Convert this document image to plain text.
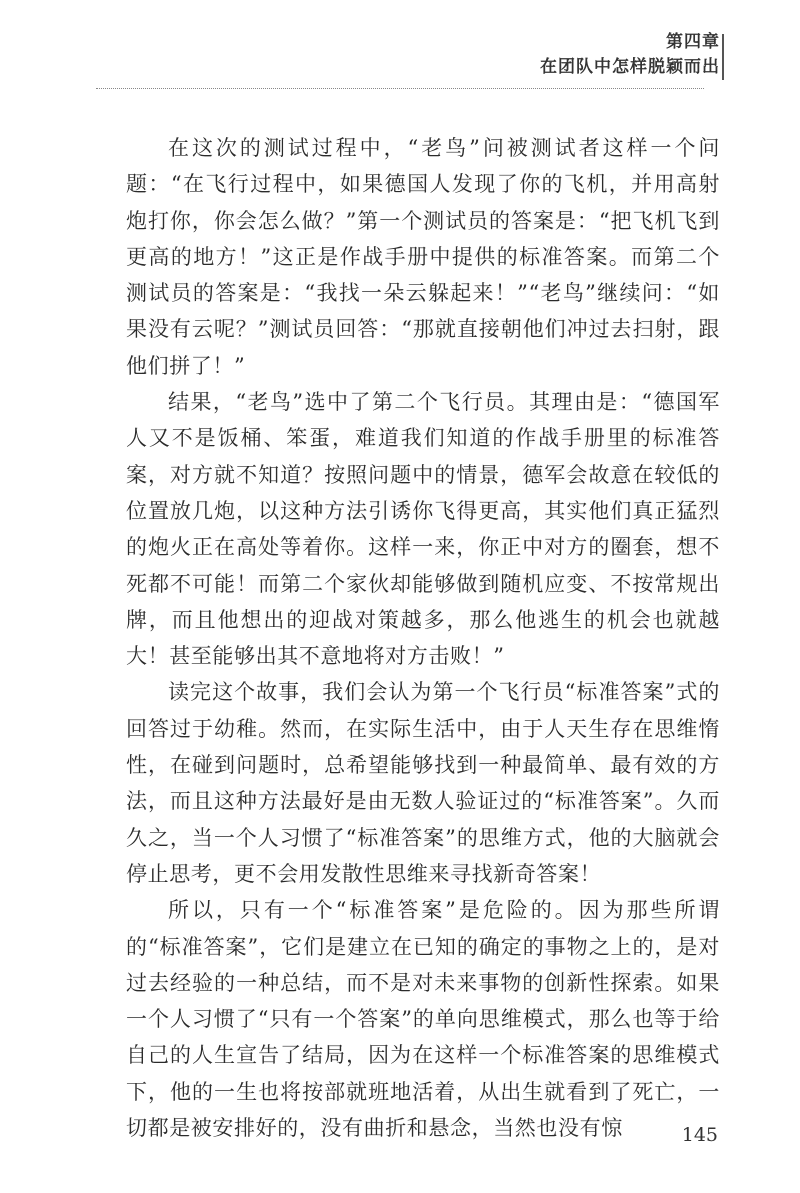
第四章
在团队中怎样脱颖而出

在这次的测试过程中，“老鸟”问被测试者这样一个问题：“在飞行过程中，如果德国人发现了你的飞机，并用高射炮打你，你会怎么做？”第一个测试员的答案是：“把飞机飞到更高的地方！”这正是作战手册中提供的标准答案。而第二个测试员的答案是：“我找一朵云躲起来！”“老鸟”继续问：“如果没有云呢？”测试员回答：“那就直接朝他们冲过去扫射，跟他们拼了！”

结果，“老鸟”选中了第二个飞行员。其理由是：“德国军人又不是饭桶、笨蛋，难道我们知道的作战手册里的标准答案，对方就不知道？按照问题中的情景，德军会故意在较低的位置放几炮，以这种方法引诱你飞得更高，其实他们真正猛烈的炮火正在高处等着你。这样一来，你正中对方的圈套，想不死都不可能！而第二个家伙却能够做到随机应变、不按常规出牌，而且他想出的迎战对策越多，那么他逃生的机会也就越大！甚至能够出其不意地将对方击败！”

读完这个故事，我们会认为第一个飞行员“标准答案”式的回答过于幼稚。然而，在实际生活中，由于人天生存在思维惰性，在碰到问题时，总希望能够找到一种最简单、最有效的方法，而且这种方法最好是由无数人验证过的“标准答案”。久而久之，当一个人习惯了“标准答案”的思维方式，他的大脑就会停止思考，更不会用发散性思维来寻找新奇答案！

所以，只有一个“标准答案”是危险的。因为那些所谓的“标准答案”，它们是建立在已知的确定的事物之上的，是对过去经验的一种总结，而不是对未来事物的创新性探索。如果一个人习惯了“只有一个答案”的单向思维模式，那么也等于给自己的人生宣告了结局，因为在这样一个标准答案的思维模式下，他的一生也将按部就班地活着，从出生就看到了死亡，一切都是被安排好的，没有曲折和悬念，当然也没有惊	145
